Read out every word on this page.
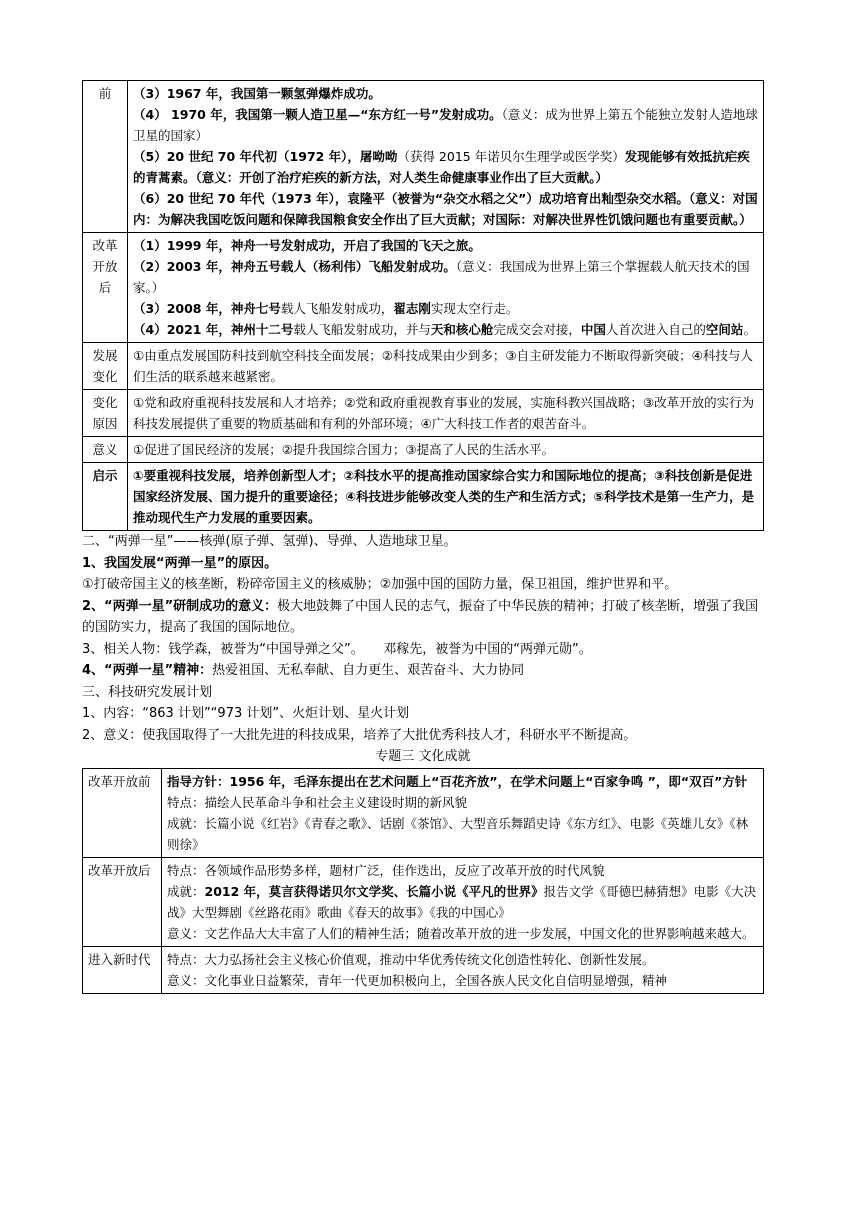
前	（3）1967 年，我国第一颗氢弹爆炸成功。
（4） 1970 年，我国第一颗人造卫星—“东方红一号”发射成功。（意义：成为世界上第五个能独立发射人造地球卫星的国家）
（5）20 世纪 70 年代初（1972 年），屠呦呦（获得 2015 年诺贝尔生理学或医学奖）发现能够有效抵抗疟疾的青蒿素。（意义：开创了治疗疟疾的新方法，对人类生命健康事业作出了巨大贡献。）
（6）20 世纪 70 年代（1973 年），袁隆平（被誉为“杂交水稻之父”）成功培育出籼型杂交水稻。（意义：对国内：为解决我国吃饭问题和保障我国粮食安全作出了巨大贡献；对国际：对解决世界性饥饿问题也有重要贡献。）

改革开放后	（1）1999 年，神舟一号发射成功，开启了我国的飞天之旅。
（2）2003 年，神舟五号载人（杨利伟）飞船发射成功。（意义：我国成为世界上第三个掌握载人航天技术的国家。）
（3）2008 年，神舟七号载人飞船发射成功，翟志刚实现太空行走。
（4）2021 年，神州十二号载人飞船发射成功，并与天和核心舱完成交会对接，中国人首次进入自己的空间站。

发展变化	①由重点发展国防科技到航空科技全面发展；②科技成果由少到多；③自主研发能力不断取得新突破；④科技与人们生活的联系越来越紧密。
变化原因	①党和政府重视科技发展和人才培养；②党和政府重视教育事业的发展，实施科教兴国战略；③改革开放的实行为科技发展提供了重要的物质基础和有利的外部环境；④广大科技工作者的艰苦奋斗。
意义	①促进了国民经济的发展；②提升我国综合国力；③提高了人民的生活水平。
启示	①要重视科技发展，培养创新型人才；②科技水平的提高推动国家综合实力和国际地位的提高；③科技创新是促进国家经济发展、国力提升的重要途径；④科技进步能够改变人类的生产和生活方式；⑤科学技术是第一生产力，是推动现代生产力发展的重要因素。

二、“两弹一星”——核弹(原子弹、氢弹)、导弹、人造地球卫星。

1、我国发展“两弹一星”的原因。

①打破帝国主义的核垄断，粉碎帝国主义的核威胁；②加强中国的国防力量，保卫祖国，维护世界和平。

2、“两弹一星”研制成功的意义：极大地鼓舞了中国人民的志气，振奋了中华民族的精神；打破了核垄断，增强了我国的国防实力，提高了我国的国际地位。

3、相关人物：钱学森，被誉为“中国导弹之父”。　　邓稼先，被誉为中国的“两弹元勋”。

4、“两弹一星”精神：热爱祖国、无私奉献、自力更生、艰苦奋斗、大力协同

三、科技研究发展计划

1、内容：“863 计划”“973 计划”、火炬计划、星火计划

2、意义：使我国取得了一大批先进的科技成果，培养了大批优秀科技人才，科研水平不断提高。

专题三 文化成就

改革开放前	指导方针：1956 年，毛泽东提出在艺术问题上“百花齐放”，在学术问题上“百家争鸣 ”，即“双百”方针
特点：描绘人民革命斗争和社会主义建设时期的新风貌
成就：长篇小说《红岩》《青春之歌》、话剧《茶馆》、大型音乐舞蹈史诗《东方红》、电影《英雄儿女》《林则徐》

改革开放后	特点：各领域作品形势多样，题材广泛，佳作迭出，反应了改革开放的时代风貌
成就：2012 年，莫言获得诺贝尔文学奖、长篇小说《平凡的世界》报告文学《哥德巴赫猜想》电影《大决战》大型舞剧《丝路花雨》歌曲《春天的故事》《我的中国心》
意义：文艺作品大大丰富了人们的精神生活；随着改革开放的进一步发展，中国文化的世界影响越来越大。

进入新时代	特点：大力弘扬社会主义核心价值观，推动中华优秀传统文化创造性转化、创新性发展。
意义：文化事业日益繁荣，青年一代更加积极向上，全国各族人民文化自信明显增强，精神
